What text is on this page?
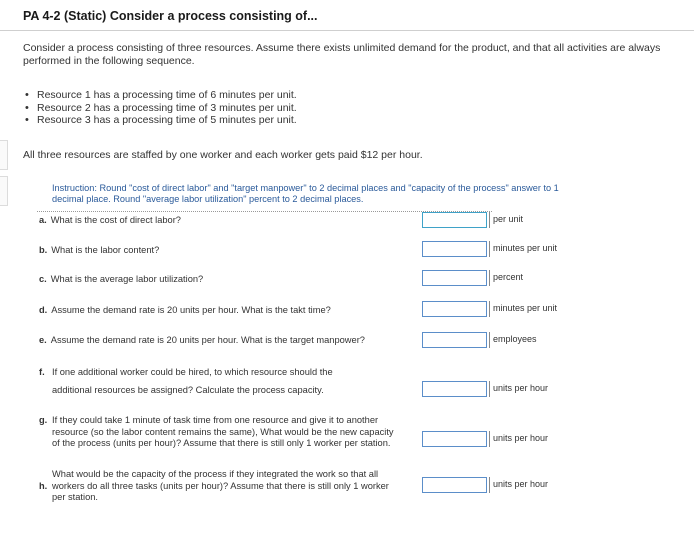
PA 4-2 (Static) Consider a process consisting of...
Consider a process consisting of three resources. Assume there exists unlimited demand for the product, and that all activities are always performed in the following sequence.
• Resource 1 has a processing time of 6 minutes per unit.
• Resource 2 has a processing time of 3 minutes per unit.
• Resource 3 has a processing time of 5 minutes per unit.
All three resources are staffed by one worker and each worker gets paid $12 per hour.
Instruction: Round "cost of direct labor" and "target manpower" to 2 decimal places and "capacity of the process" answer to 1 decimal place. Round "average labor utilization" percent to 2 decimal places.
a. What is the cost of direct labor?	per unit
b. What is the labor content?	minutes per unit
c. What is the average labor utilization?	percent
d. Assume the demand rate is 20 units per hour. What is the takt time?	minutes per unit
e. Assume the demand rate is 20 units per hour. What is the target manpower?	employees
f. If one additional worker could be hired, to which resource should the
additional resources be assigned? Calculate the process capacity.	units per hour
g. If they could take 1 minute of task time from one resource and give it to another
resource (so the labor content remains the same), What would be the new capacity
of the process (units per hour)? Assume that there is still only 1 worker per station.	units per hour
h.
What would be the capacity of the process if they integrated the work so that all
workers do all three tasks (units per hour)? Assume that there is still only 1 worker
per station.
units per hour
